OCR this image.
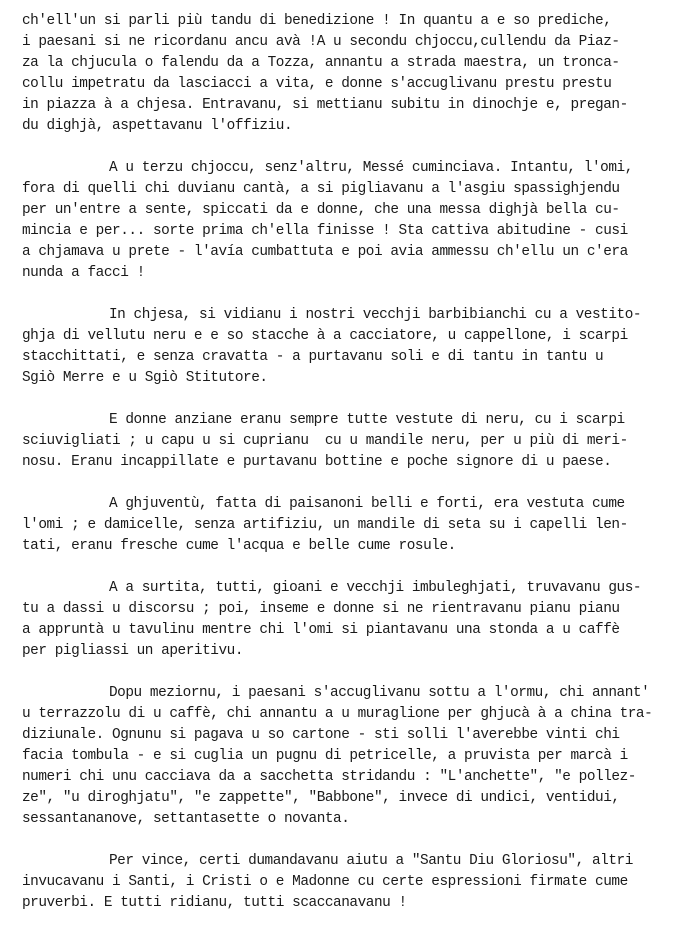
ch'ell'un si parli più tandu di benedizione ! In quantu a e so prediche,
i paesani si ne ricordanu ancu avà !A u secondu chjoccu,cullendu da Piaz-
za la chjucula o falendu da a Tozza, annantu a strada maestra, un tronca-
collu impetratu da lasciacci a vita, e donne s'accuglivanu prestu prestu
in piazza à a chjesa. Entravanu, si mettianu subitu in dinochje e, pregan-
du dighjà, aspettavanu l'offiziu.
A u terzu chjoccu, senz'altru, Messé cuminciava. Intantu, l'omi,
fora di quelli chi duvianu cantà, a si pigliavanu a l'asgiu spassighjendu
per un'entre a sente, spiccati da e donne, che una messa dighjà bella cu-
mincia e per... sorte prima ch'ella finisse ! Sta cattiva abitudine - cusi
a chjamava u prete - l'avía cumbattuta e poi avia ammessu ch'ellu un c'era
nunda a facci !
In chjesa, si vidianu i nostri vecchji barbibianchi cu a vestito-
ghja di vellutu neru e e so stacche à a cacciatore, u cappellone, i scarpi
stacchittati, e senza cravatta - a purtavanu soli e di tantu in tantu u
Sgiò Merre e u Sgiò Stitutore.
E donne anziane eranu sempre tutte vestute di neru, cu i scarpi
sciuvigliati ; u capu u si cuprianu  cu u mandile neru, per u più di meri-
nosu. Eranu incappillate e purtavanu bottine e poche signore di u paese.
A ghjuventù, fatta di paisanoni belli e forti, era vestuta cume
l'omi ; e damicelle, senza artifiziu, un mandile di seta su i capelli len-
tati, eranu fresche cume l'acqua e belle cume rosule.
A a surtita, tutti, gioani e vecchji imbuleghjati, truvavanu gus-
tu a dassi u discorsu ; poi, inseme e donne si ne rientravanu pianu pianu
a appruntà u tavulinu mentre chi l'omi si piantavanu una stonda a u caffè
per pigliassi un aperitivu.
Dopu meziornu, i paesani s'accuglivanu sottu a l'ormu, chi annant'
u terrazzolu di u caffè, chi annantu a u muraglione per ghjucà à a china tra-
diziunale. Ognunu si pagava u so cartone - sti solli l'averebbe vinti chi
facia tombula - e si cuglia un pugnu di petricelle, a pruvista per marcà i
numeri chi unu cacciava da a sacchetta stridandu : "L'anchette", "e pollez-
ze", "u diroghjatu", "e zappette", "Babbone", invece di undici, ventidui,
sessantananove, settantasette o novanta.
Per vince, certi dumandavanu aiutu a "Santu Diu Gloriosu", altri
invucavanu i Santi, i Cristi o e Madonne cu certe espressioni firmate cume
pruverbi. E tutti ridianu, tutti scaccanavanu !
